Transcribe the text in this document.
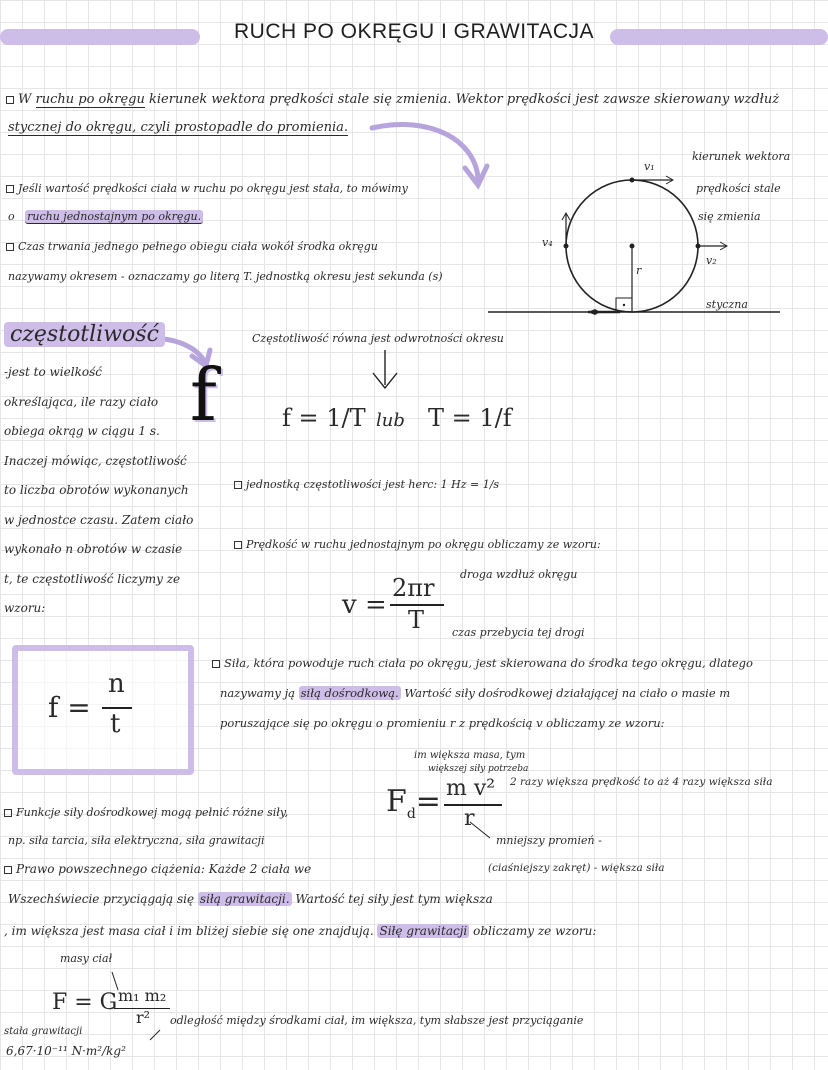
RUCH PO OKRĘGU I GRAWITACJA
W ruchu po okręgu kierunek wektora prędkości stale się zmienia. Wektor prędkości jest zawsze skierowany wzdłuż
stycznej do okręgu, czyli prostopadle do promienia.
Jeśli wartość prędkości ciała w ruchu po okręgu jest stała, to mówimy
o ruchu jednostajnym po okręgu.
Czas trwania jednego pełnego obiegu ciała wokół środka okręgu
nazywamy okresem - oznaczamy go literą T. jednostką okresu jest sekunda (s)
kierunek wektora
prędkości stale
się zmienia
v₁
v₂
v₄
r
styczna
częstotliwość
f
-jest to wielkość
określająca, ile razy ciało
obiega okrąg w ciągu 1 s.
Inaczej mówiąc, częstotliwość
to liczba obrotów wykonanych
w jednostce czasu. Zatem ciało
wykonało n obrotów w czasie
t, te częstotliwość liczymy ze
wzoru:
Częstotliwość równa jest odwrotności okresu
f = 1/T lub T = 1/f
jednostką częstotliwości jest herc: 1 Hz = 1/s
f =
n
t
Prędkość w ruchu jednostajnym po okręgu obliczamy ze wzoru:
v =
2πr
T
droga wzdłuż okręgu
czas przebycia tej drogi
Siła, która powoduje ruch ciała po okręgu, jest skierowana do środka tego okręgu, dlatego
nazywamy ją siłą dośrodkową. Wartość siły dośrodkowej działającej na ciało o masie m
poruszające się po okręgu o promieniu r z prędkością v obliczamy ze wzoru:
im większa masa, tym
większej siły potrzeba
$F_d= m$ v²
r
2 razy większa prędkość to aż 4 razy większa siła
mniejszy promień -
(ciaśniejszy zakręt) - większa siła
Funkcje siły dośrodkowej mogą pełnić różne siły,
np. siła tarcia, siła elektryczna, siła grawitacji
Prawo powszechnego ciążenia: Każde 2 ciała we
Wszechświecie przyciągają się siłą grawitacji. Wartość tej siły jest tym większa
, im większa jest masa ciał i im bliżej siebie się one znajdują. Siłę grawitacji obliczamy ze wzoru:
masy ciał
F = G m₁ m₂
r² odległość między środkami ciał, im większa, tym słabsze jest przyciąganie
stała grawitacji
6,67·10⁻¹¹ N·m²/kg²
